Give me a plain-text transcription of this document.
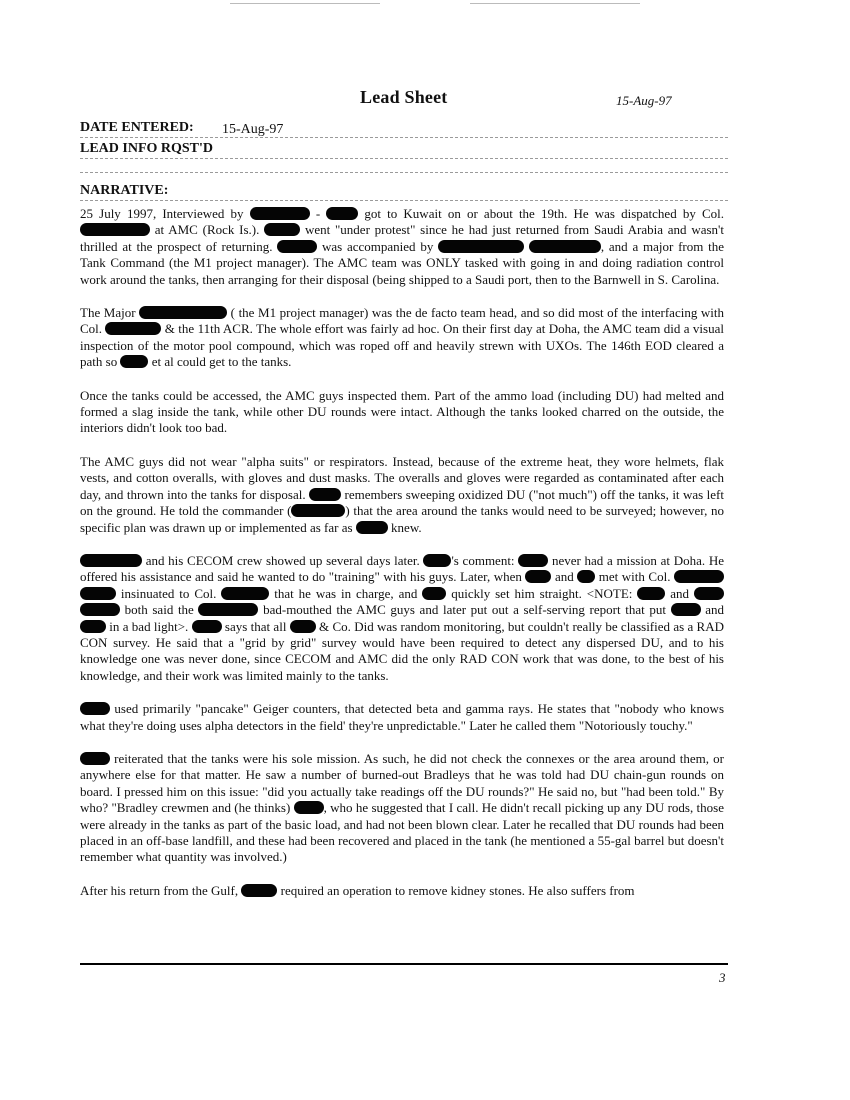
Lead Sheet	15-Aug-97
DATE ENTERED: 15-Aug-97
LEAD INFO RQST'D
NARRATIVE:

25 July 1997, Interviewed by	-  got to Kuwait on or about the 19th. He was dispatched by Col.  at AMC (Rock Is.).	went "under protest" since he had just returned from Saudi Arabia and wasn't thrilled at the prospect of returning.	was accompanied by	, and a major from the Tank Command (the M1 project manager). The AMC team was ONLY tasked with going in and doing radiation control work around the tanks, then arranging for their disposal (being shipped to a Saudi port, then to the Barnwell in S. Carolina.

The Major	( the M1 project manager) was the de facto team head, and so did most of the interfacing with Col.	& the 11th ACR. The whole effort was fairly ad hoc. On their first day at Doha, the AMC team did a visual inspection of the motor pool compound, which was roped off and heavily strewn with UXOs. The 146th EOD cleared a path so  et al could get to the tanks.

Once the tanks could be accessed, the AMC guys inspected them. Part of the ammo load (including DU) had melted and formed a slag inside the tank, while other DU rounds were intact. Although the tanks looked charred on the outside, the interiors didn't look too bad.

The AMC guys did not wear "alpha suits" or respirators. Instead, because of the extreme heat, they wore helmets, flak vests, and cotton overalls, with gloves and dust masks. The overalls and gloves were regarded as contaminated after each day, and thrown into the tanks for disposal.  remembers sweeping oxidized DU ("not much") off the tanks, it was left on the ground. He told the commander (	) that the area around the tanks would need to be surveyed; however, no specific plan was drawn up or implemented as far as  knew.

and his CECOM crew showed up several days later. 's comment:  never had a mission at Doha. He offered his assistance and said he wanted to do "training" with his guys. Later, when  and  met with Col.   insinuated to Col.	that he was in charge, and  quickly set him straight. <NOTE:  and   both said the	bad-mouthed the AMC guys and later put out a self-serving report that put  and  in a bad light>.  says that all  & Co. Did was random monitoring, but couldn't really be classified as a RAD CON survey. He said that a "grid by grid" survey would have been required to detect any dispersed DU, and to his knowledge one was never done, since CECOM and AMC did the only RAD CON work that was done, to the best of his knowledge, and their work was limited mainly to the tanks.

used primarily "pancake" Geiger counters, that detected beta and gamma rays. He states that "nobody who knows what they're doing uses alpha detectors in the field' they're unpredictable." Later he called them "Notoriously touchy."

reiterated that the tanks were his sole mission. As such, he did not check the connexes or the area around them, or anywhere else for that matter. He saw a number of burned-out Bradleys that he was told had DU chain-gun rounds on board. I pressed him on this issue: "did you actually take readings off the DU rounds?" He said no, but "had been told." By who? "Bradley crewmen and (he thinks) , who he suggested that I call. He didn't recall picking up any DU rods, those were already in the tanks as part of the basic load, and had not been blown clear. Later he recalled that DU rounds had been placed in an off-base landfill, and these had been recovered and placed in the tank (he mentioned a 55-gal barrel but doesn't remember what quantity was involved.)

After his return from the Gulf,	required an operation to remove kidney stones. He also suffers from

3
